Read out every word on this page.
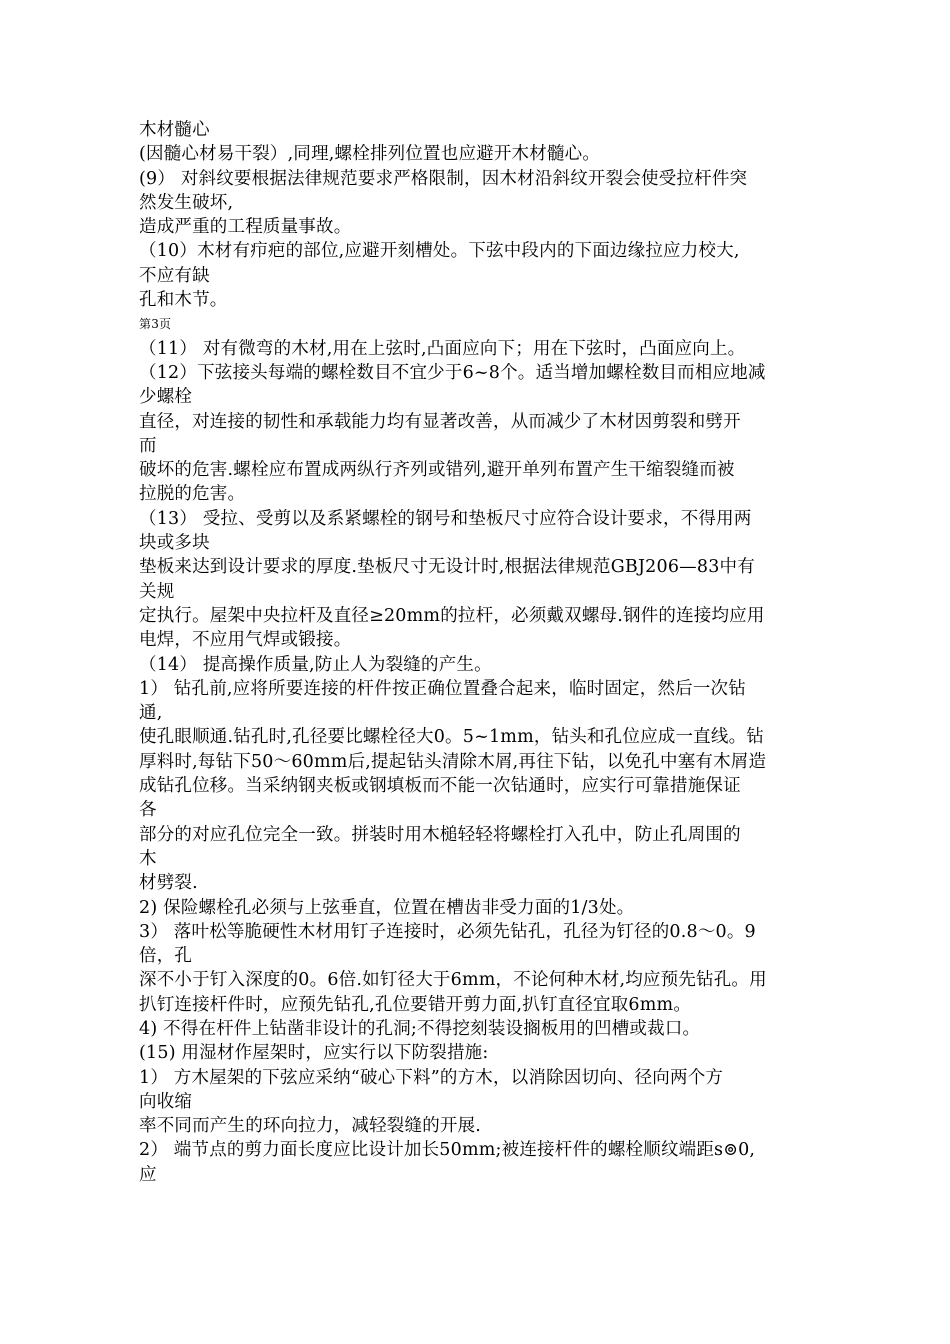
木材髓心
(因髓心材易干裂）,同理,螺栓排列位置也应避开木材髓心。
(9） 对斜纹要根据法律规范要求严格限制，因木材沿斜纹开裂会使受拉杆件突
然发生破坏,
造成严重的工程质量事故。
（10）木材有疖疤的部位,应避开刻槽处。下弦中段内的下面边缘拉应力校大,
不应有缺
孔和木节。
第3页
（11） 对有微弯的木材,用在上弦时,凸面应向下；用在下弦时，凸面应向上。
（12）下弦接头每端的螺栓数目不宜少于6~8个。适当增加螺栓数目而相应地减
少螺栓
直径，对连接的韧性和承载能力均有显著改善，从而减少了木材因剪裂和劈开
而
破坏的危害.螺栓应布置成两纵行齐列或错列,避开单列布置产生干缩裂缝而被
拉脱的危害。
（13） 受拉、受剪以及系紧螺栓的钢号和垫板尺寸应符合设计要求，不得用两
块或多块
垫板来达到设计要求的厚度.垫板尺寸无设计时,根据法律规范GBJ206—83中有
关规
定执行。屋架中央拉杆及直径≥20mm的拉杆，必须戴双螺母.钢件的连接均应用
电焊，不应用气焊或锻接。
（14） 提高操作质量,防止人为裂缝的产生。
1） 钻孔前,应将所要连接的杆件按正确位置叠合起来，临时固定，然后一次钻
通,
使孔眼顺通.钻孔时,孔径要比螺栓径大0。5~1mm，钻头和孔位应成一直线。钻
厚料时,每钻下50～60mm后,提起钻头清除木屑,再往下钻，以免孔中塞有木屑造
成钻孔位移。当采纳钢夹板或钢填板而不能一次钻通时，应实行可靠措施保证
各
部分的对应孔位完全一致。拼装时用木槌轻轻将螺栓打入孔中，防止孔周围的
木
材劈裂.
2) 保险螺栓孔必须与上弦垂直，位置在槽齿非受力面的1/3处。
3） 落叶松等脆硬性木材用钉子连接时，必须先钻孔，孔径为钉径的0.8～0。9
倍，孔
深不小于钉入深度的0。6倍.如钉径大于6mm，不论何种木材,均应预先钻孔。用
扒钉连接杆件时，应预先钻孔,孔位要错开剪力面,扒钉直径宜取6mm。
4) 不得在杆件上钻凿非设计的孔洞;不得挖刻装设搁板用的凹槽或裁口。
(15) 用湿材作屋架时，应实行以下防裂措施:
1） 方木屋架的下弦应采纳“破心下料”的方木，以消除因切向、径向两个方
向收缩
率不同而产生的环向拉力，减轻裂缝的开展.
2） 端节点的剪力面长度应比设计加长50mm;被连接杆件的螺栓顺纹端距s⊚0,
应
